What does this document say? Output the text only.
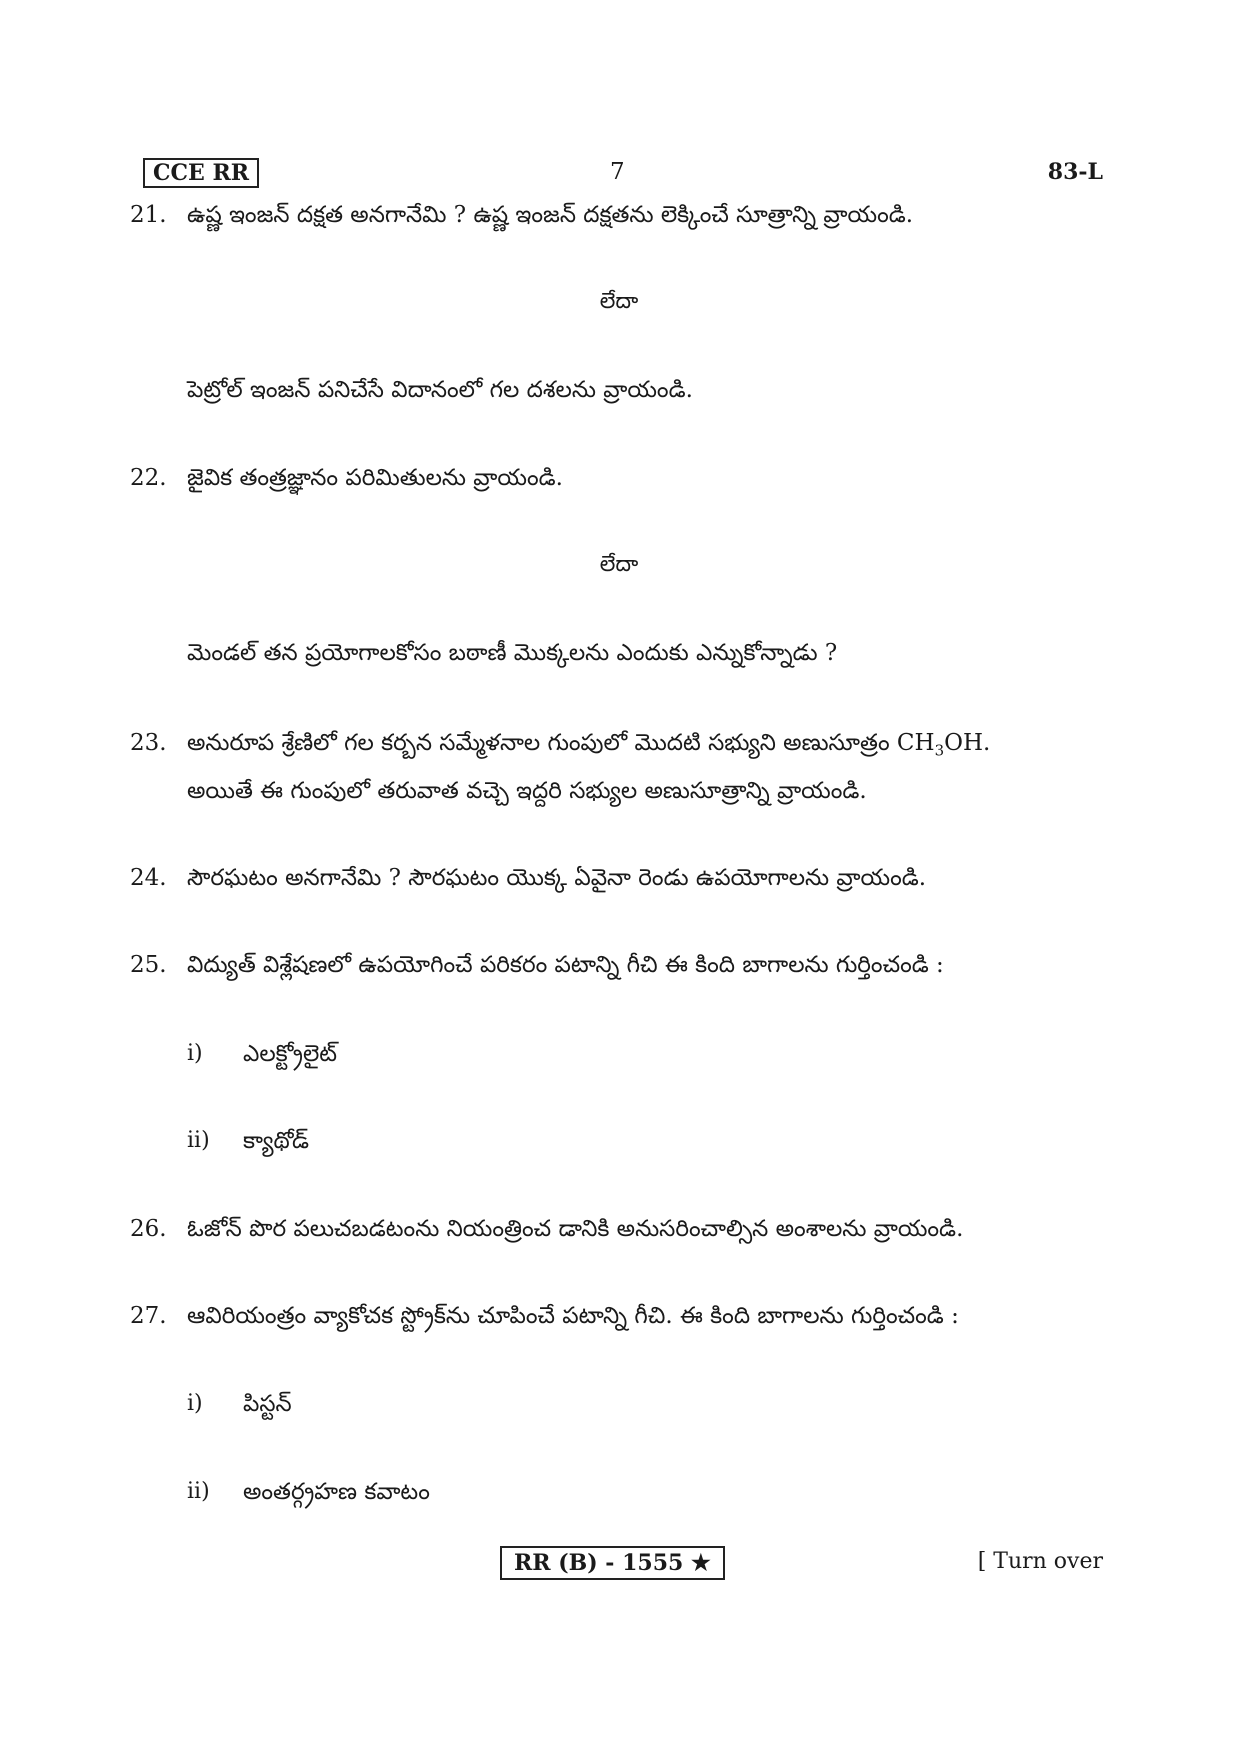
CCE RR	7	83-L
21. ఉష్ణ ఇంజన్ దక్షత అనగానేమి ? ఉష్ణ ఇంజన్ దక్షతను లెక్కించే సూత్రాన్ని వ్రాయండి.
లేదా
పెట్రోల్ ఇంజన్ పనిచేసే విదానంలో గల దశలను వ్రాయండి.
22. జైవిక తంత్రజ్ఞానం పరిమితులను వ్రాయండి.
లేదా
మెండల్ తన ప్రయోగాలకోసం బఠాణీ మొక్కలను ఎందుకు ఎన్నుకోన్నాడు ?
23. అనురూప శ్రేణిలో గల కర్బన సమ్మేళనాల గుంపులో మొదటి సభ్యుని అణుసూత్రం $CH_3OH$.
అయితే ఈ గుంపులో తరువాత వచ్చె ఇద్దరి సభ్యుల అణుసూత్రాన్ని వ్రాయండి.
24. సౌరఘటం అనగానేమి ? సౌరఘటం యొక్క ఏవైనా రెండు ఉపయోగాలను వ్రాయండి.
25. విద్యుత్ విశ్లేషణలో ఉపయోగించే పరికరం పటాన్ని గీచి ఈ కింది బాగాలను గుర్తించండి :
i) ఎలక్ట్రోలైట్
ii) క్యాథోడ్
26. ఓజోన్ పొర పలుచబడటంను నియంత్రించ డానికి అనుసరించాల్సిన అంశాలను వ్రాయండి.
27. ఆవిరియంత్రం వ్యాకోచక స్ట్రోక్‌ను చూపించే పటాన్ని గీచి. ఈ కింది బాగాలను గుర్తించండి :
i) పిస్టన్
ii) అంతర్గ్రహణ కవాటం
RR (B) - 1555 ★	[ Turn over
